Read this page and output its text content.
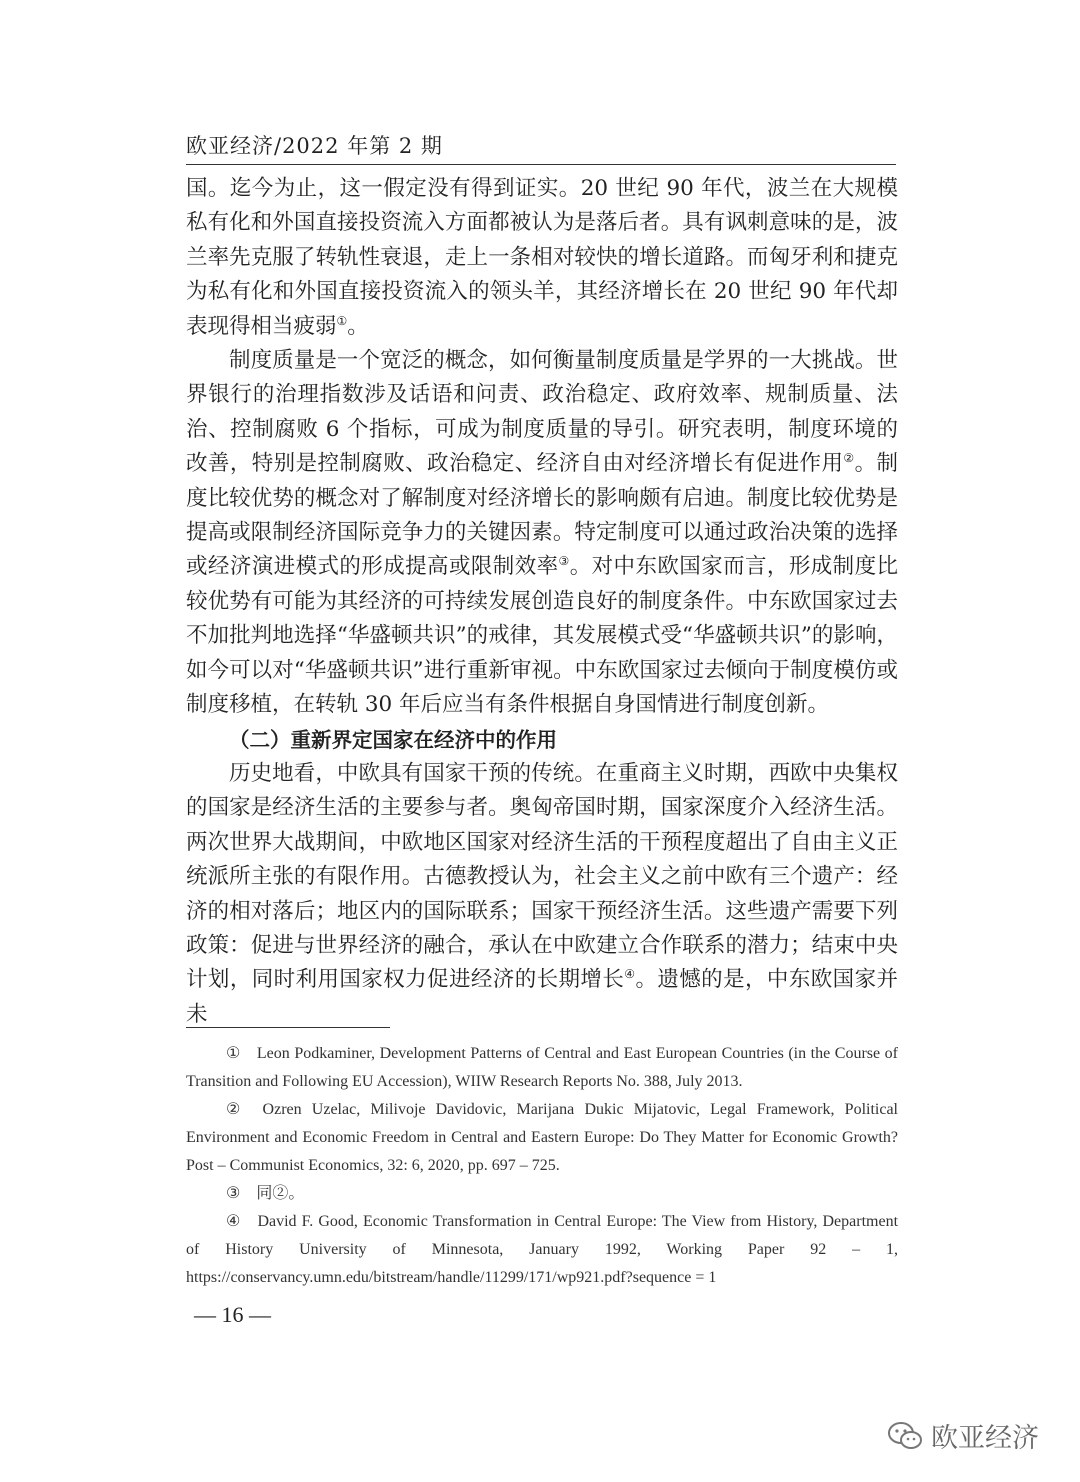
欧亚经济/2022 年第 2 期

国。迄今为止，这一假定没有得到证实。20 世纪 90 年代，波兰在大规模私有化和外国直接投资流入方面都被认为是落后者。具有讽刺意味的是，波兰率先克服了转轨性衰退，走上一条相对较快的增长道路。而匈牙利和捷克为私有化和外国直接投资流入的领头羊，其经济增长在 20 世纪 90 年代却表现得相当疲弱①。

制度质量是一个宽泛的概念，如何衡量制度质量是学界的一大挑战。世界银行的治理指数涉及话语和问责、政治稳定、政府效率、规制质量、法治、控制腐败 6 个指标，可成为制度质量的导引。研究表明，制度环境的改善，特别是控制腐败、政治稳定、经济自由对经济增长有促进作用②。制度比较优势的概念对了解制度对经济增长的影响颇有启迪。制度比较优势是提高或限制经济国际竞争力的关键因素。特定制度可以通过政治决策的选择或经济演进模式的形成提高或限制效率③。对中东欧国家而言，形成制度比较优势有可能为其经济的可持续发展创造良好的制度条件。中东欧国家过去不加批判地选择“华盛顿共识”的戒律，其发展模式受“华盛顿共识”的影响，如今可以对“华盛顿共识”进行重新审视。中东欧国家过去倾向于制度模仿或制度移植，在转轨 30 年后应当有条件根据自身国情进行制度创新。

（二）重新界定国家在经济中的作用

历史地看，中欧具有国家干预的传统。在重商主义时期，西欧中央集权的国家是经济生活的主要参与者。奥匈帝国时期，国家深度介入经济生活。两次世界大战期间，中欧地区国家对经济生活的干预程度超出了自由主义正统派所主张的有限作用。古德教授认为，社会主义之前中欧有三个遗产：经济的相对落后；地区内的国际联系；国家干预经济生活。这些遗产需要下列政策：促进与世界经济的融合，承认在中欧建立合作联系的潜力；结束中央计划，同时利用国家权力促进经济的长期增长④。遗憾的是，中东欧国家并未

① Leon Podkaminer, Development Patterns of Central and East European Countries (in the Course of Transition and Following EU Accession), WIIW Research Reports No. 388, July 2013.

② Ozren Uzelac, Milivoje Davidovic, Marijana Dukic Mijatovic, Legal Framework, Political Environment and Economic Freedom in Central and Eastern Europe: Do They Matter for Economic Growth? Post – Communist Economics, 32: 6, 2020, pp. 697 – 725.

③ 同②。

④ David F. Good, Economic Transformation in Central Europe: The View from History, Department of History University of Minnesota, January 1992, Working Paper 92 – 1, https://conservancy.umn.edu/bitstream/handle/11299/171/wp921.pdf?sequence = 1

— 16 —
欧亚经济
